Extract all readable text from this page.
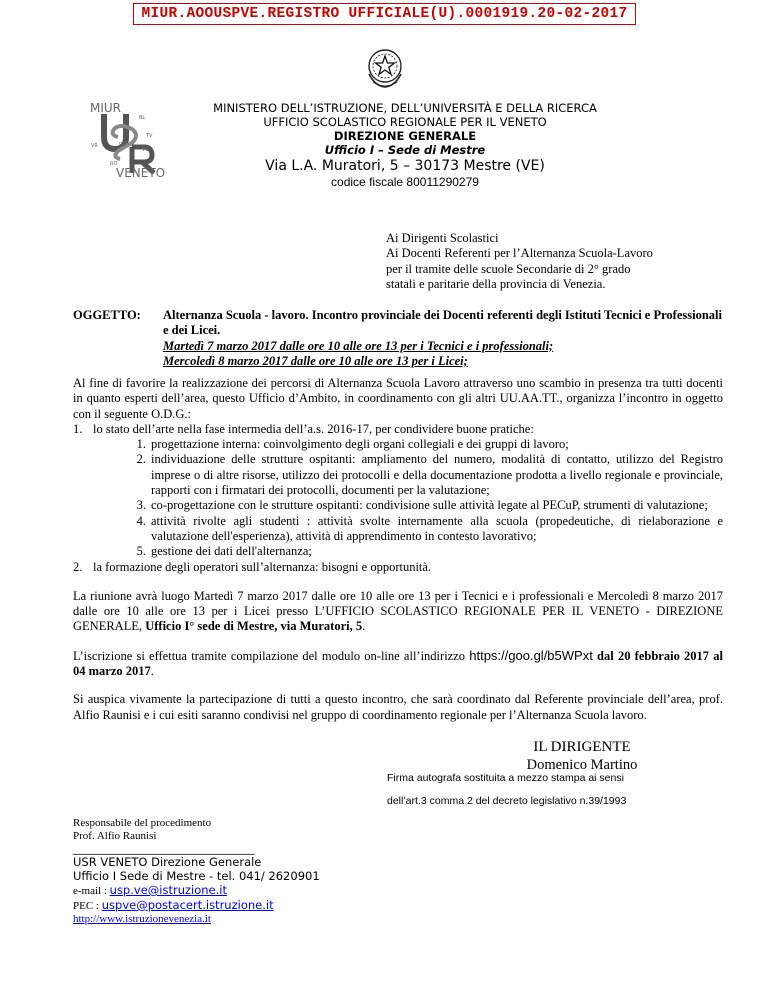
MIUR.AOOUSPVE.REGISTRO UFFICIALE(U).0001919.20-02-2017
MIUR
BL
TV
VR	PD
VE
RO
VENETO
MINISTERO DELL’ISTRUZIONE, DELL’UNIVERSITÀ E DELLA RICERCA
UFFICIO SCOLASTICO REGIONALE PER IL VENETO
DIREZIONE GENERALE
Ufficio I – Sede di Mestre
Via L.A. Muratori, 5 – 30173 Mestre (VE)
codice fiscale 80011290279
Ai Dirigenti Scolastici
Ai Docenti Referenti per l’Alternanza Scuola-Lavoro
per il tramite delle scuole Secondarie di 2° grado
statali e paritarie della provincia di Venezia.
OGGETTO: Alternanza Scuola - lavoro. Incontro provinciale dei Docenti referenti degli Istituti Tecnici e Professionali e dei Licei.
Martedì 7 marzo 2017 dalle ore 10 alle ore 13 per i Tecnici e i professionali;
Mercoledì 8 marzo 2017 dalle ore 10 alle ore 13 per i Licei;

Al fine di favorire la realizzazione dei percorsi di Alternanza Scuola Lavoro attraverso uno scambio in presenza tra tutti docenti in quanto esperti dell’area, questo Ufficio d’Ambito, in coordinamento con gli altri UU.AA.TT., organizza l’incontro in oggetto con il seguente O.D.G.:

1. lo stato dell’arte nella fase intermedia dell’a.s. 2016-17, per condividere buone pratiche:
1. progettazione interna: coinvolgimento degli organi collegiali e dei gruppi di lavoro;
2. individuazione delle strutture ospitanti: ampliamento del numero, modalità di contatto, utilizzo del Registro imprese o di altre risorse, utilizzo dei protocolli e della documentazione prodotta a livello regionale e provinciale, rapporti con i firmatari dei protocolli, documenti per la valutazione;
3. co-progettazione con le strutture ospitanti: condivisione sulle attività legate al PECuP, strumenti di valutazione;
4. attività rivolte agli studenti : attività svolte internamente alla scuola (propedeutiche, di rielaborazione e valutazione dell'esperienza), attività di apprendimento in contesto lavorativo;
5. gestione dei dati dell'alternanza;
2. la formazione degli operatori sull’alternanza: bisogni e opportunità.

La riunione avrà luogo Martedì 7 marzo 2017 dalle ore 10 alle ore 13 per i Tecnici e i professionali e Mercoledì 8 marzo 2017 dalle ore 10 alle ore 13 per i Licei presso L’UFFICIO SCOLASTICO REGIONALE PER IL VENETO - DIREZIONE GENERALE, Ufficio I° sede di Mestre, via Muratori, 5.

L’iscrizione si effettua tramite compilazione del modulo on-line all’indirizzo https://goo.gl/b5WPxt dal 20 febbraio 2017 al 04 marzo 2017.

Si auspica vivamente la partecipazione di tutti a questo incontro, che sarà coordinato dal Referente provinciale dell’area, prof. Alfio Raunisi e i cui esiti saranno condivisi nel gruppo di coordinamento regionale per l’Alternanza Scuola lavoro.

IL DIRIGENTE
Domenico Martino
Firma autografa sostituita a mezzo stampa ai sensi
dell’art.3 comma 2 del decreto legislativo n.39/1993
Responsabile del procedimento
Prof. Alfio Raunisi
_________________________________
USR VENETO Direzione Generale
Ufficio I Sede di Mestre - tel. 041/ 2620901
e-mail : usp.ve@istruzione.it
PEC : uspve@postacert.istruzione.it
http://www.istruzionevenezia.it
